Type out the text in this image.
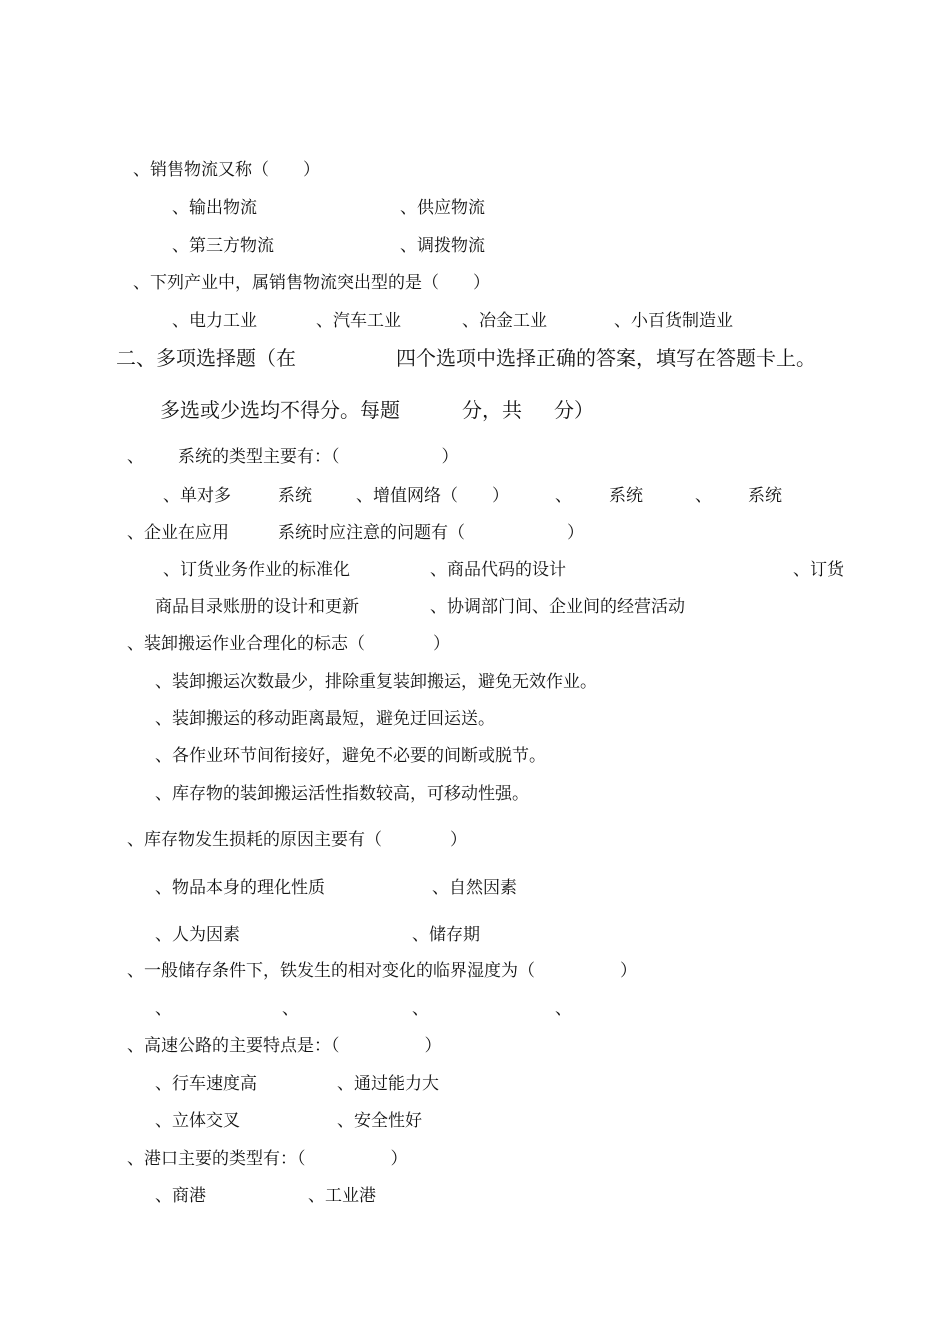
、销售物流又称（　　）
、输出物流	、供应物流
、第三方物流	、调拨物流
、下列产业中，属销售物流突出型的是（　　）
、电力工业	、汽车工业	、冶金工业	、小百货制造业
二、多项选择题（在	四个选项中选择正确的答案，填写在答题卡上。
多选或少选均不得分。每题	分，共 分）
、 系统的类型主要有：（　　　　　　）
、单对多	系统	、增值网络（　　）	、 系统	、 系统
、企业在应用	系统时应注意的问题有（　　　　　　）
、订货业务作业的标准化	、商品代码的设计	、订货
商品目录账册的设计和更新	、协调部门间、企业间的经营活动
、装卸搬运作业合理化的标志（　　　　）
、装卸搬运次数最少，排除重复装卸搬运，避免无效作业。
、装卸搬运的移动距离最短，避免迂回运送。
、各作业环节间衔接好，避免不必要的间断或脱节。
、库存物的装卸搬运活性指数较高，可移动性强。
、库存物发生损耗的原因主要有（　　　　）
、物品本身的理化性质	、自然因素
、人为因素	、储存期
、一般储存条件下，铁发生的相对变化的临界湿度为（　　　　　）
、	、	、	、
、高速公路的主要特点是：（　　　　　）
、行车速度高	、通过能力大
、立体交叉	、安全性好
、港口主要的类型有：（　　　　　）
、商港	、工业港
